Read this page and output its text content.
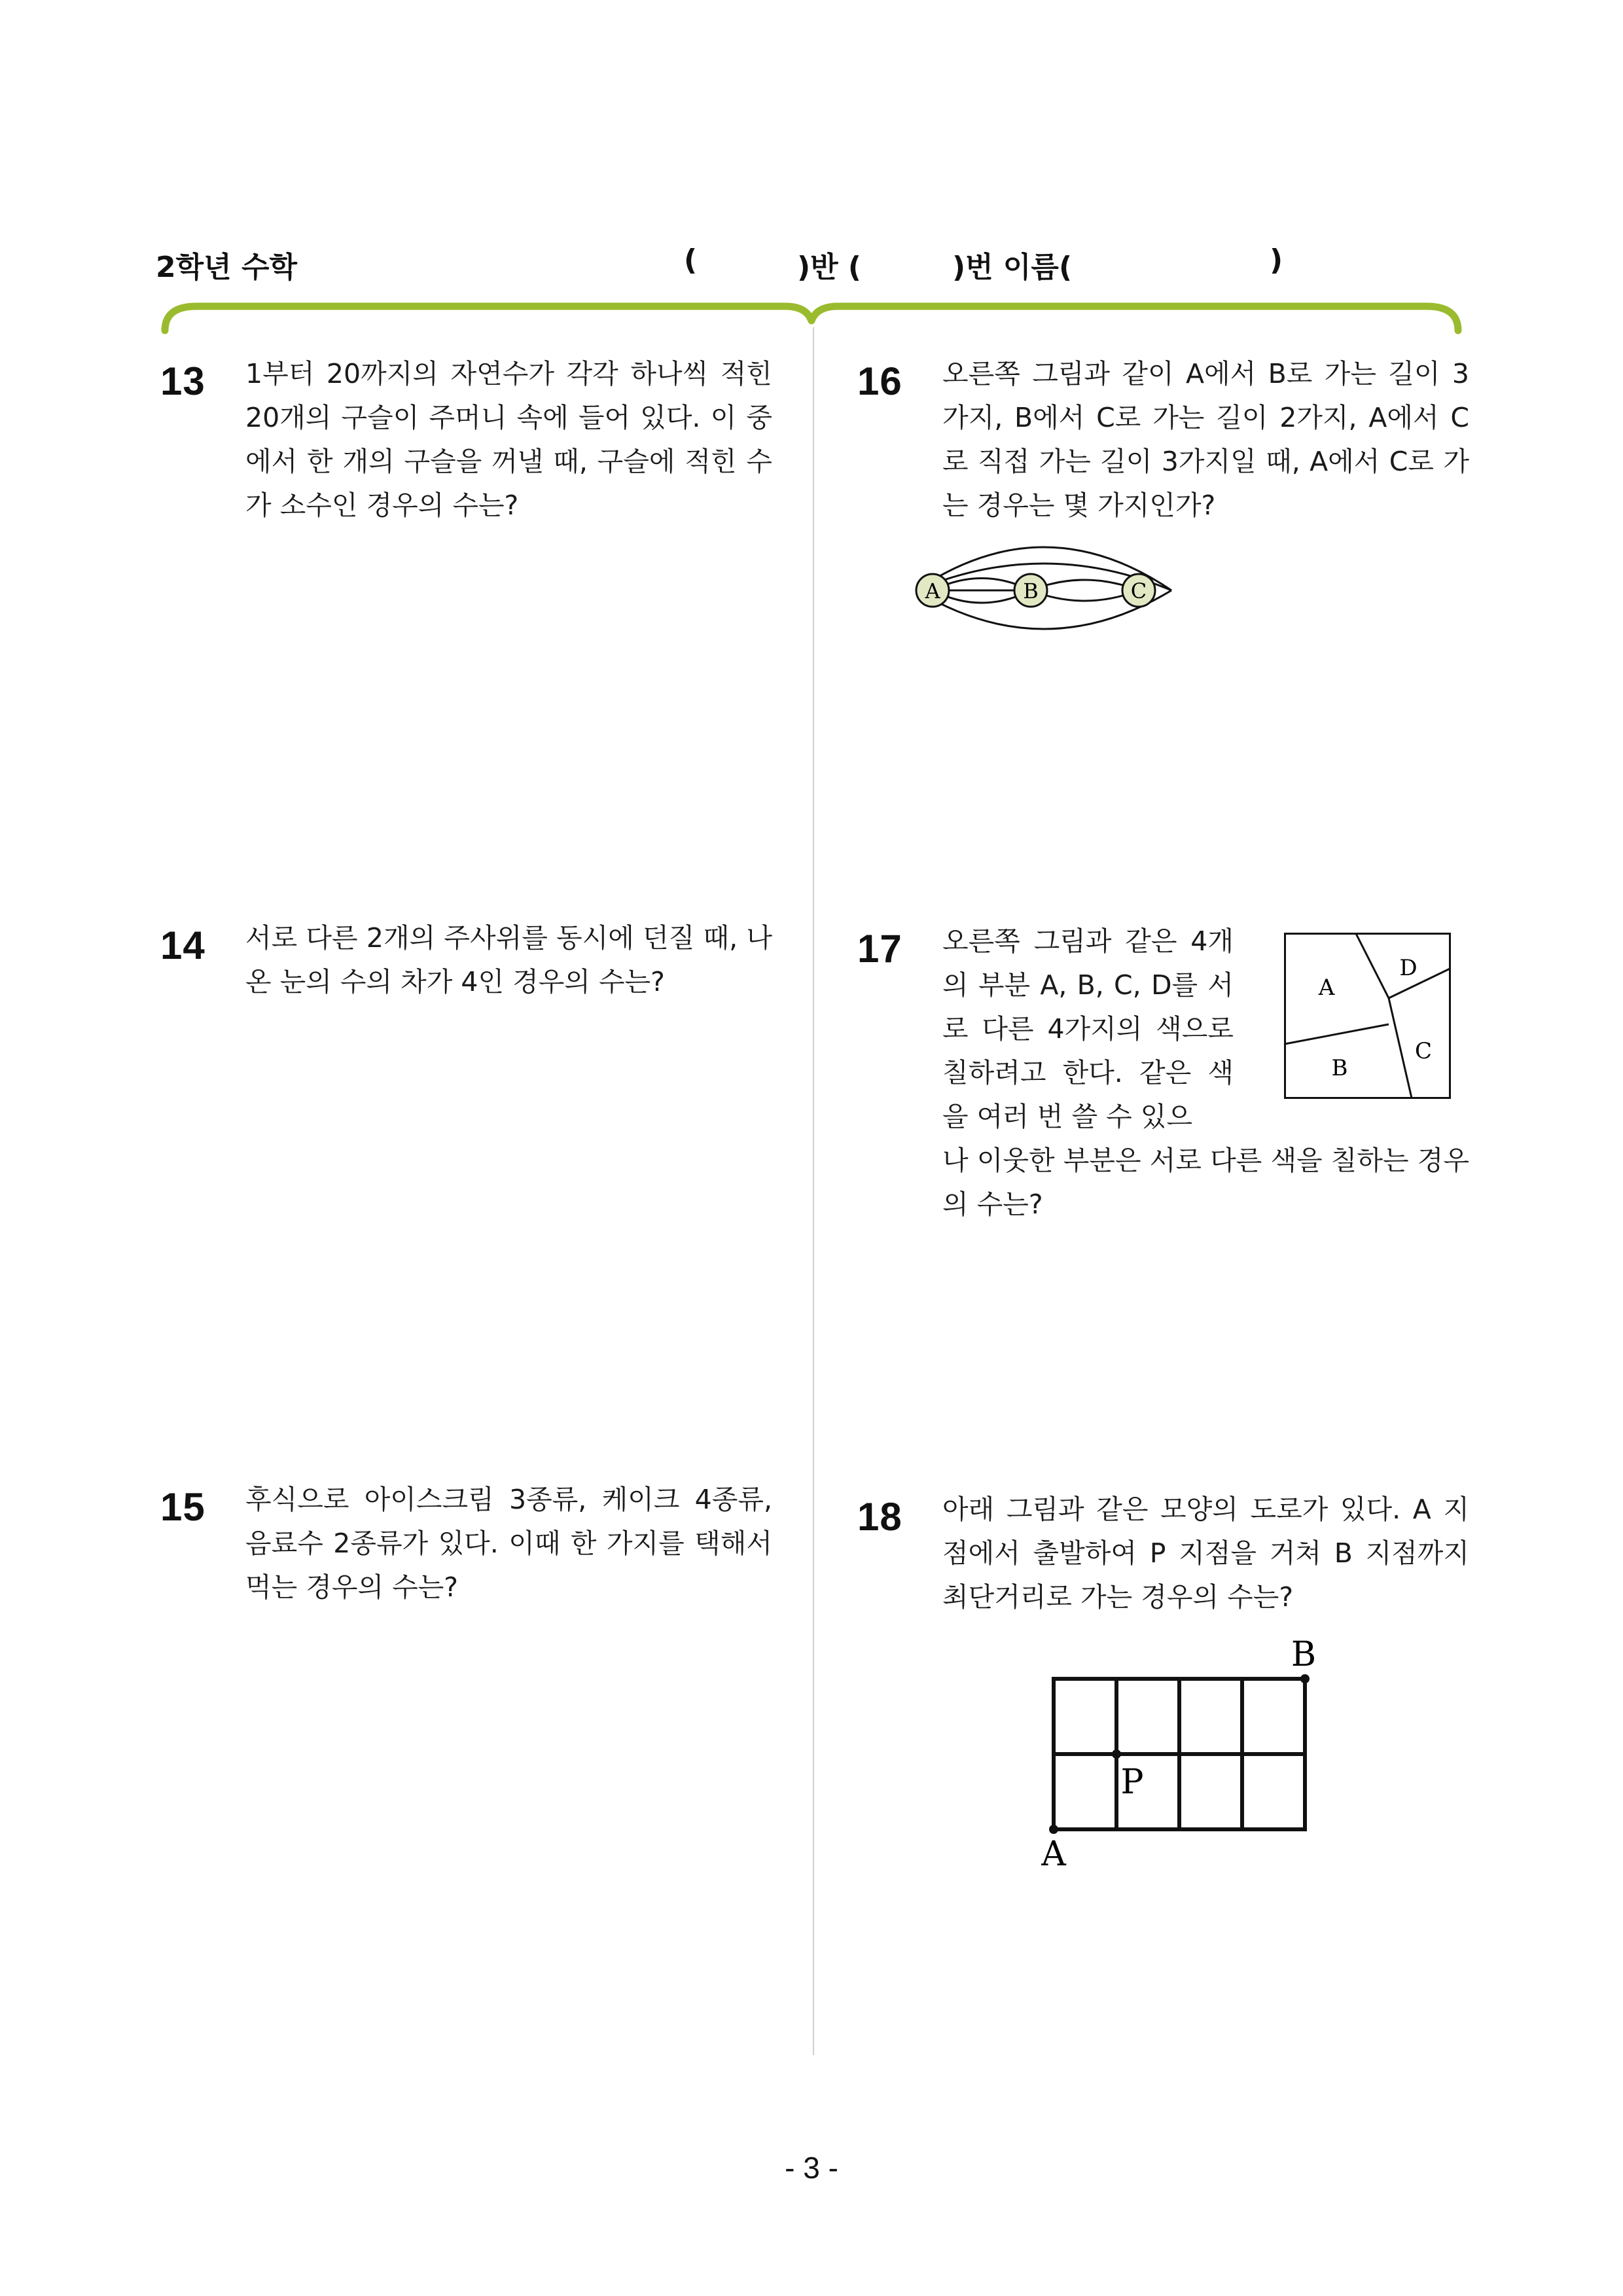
2학년 수학	(	)반 (	)번 이름(	)
13 1부터 20까지의 자연수가 각각 하나씩 적힌 20개의 구슬이 주머니 속에 들어 있다. 이 중에서 한 개의 구슬을 꺼낼 때, 구슬에 적힌 수가 소수인 경우의 수는?

14 서로 다른 2개의 주사위를 동시에 던질 때, 나온 눈의 수의 차가 4인 경우의 수는?

15 후식으로 아이스크림 3종류, 케이크 4종류, 음료수 2종류가 있다. 이때 한 가지를 택해서 먹는 경우의 수는?

16 오른쪽 그림과 같이 A에서 B로 가는 길이 3가지, B에서 C로 가는 길이 2가지, A에서 C로 직접 가는 길이 3가지일 때, A에서 C로 가는 경우는 몇 가지인가?

A	B	C
17 오른쪽 그림과 같은 4개의 부분 A, B, C, D를 서로 다른 4가지의 색으로 칠하려고 한다. 같은 색을 여러 번 쓸 수 있으

나 이웃한 부분은 서로 다른 색을 칠하는 경우의 수는?

A
B
C
D
18 아래 그림과 같은 모양의 도로가 있다. A 지점에서 출발하여 P 지점을 거쳐 B 지점까지 최단거리로 가는 경우의 수는?

A
B
P
- 3 -
